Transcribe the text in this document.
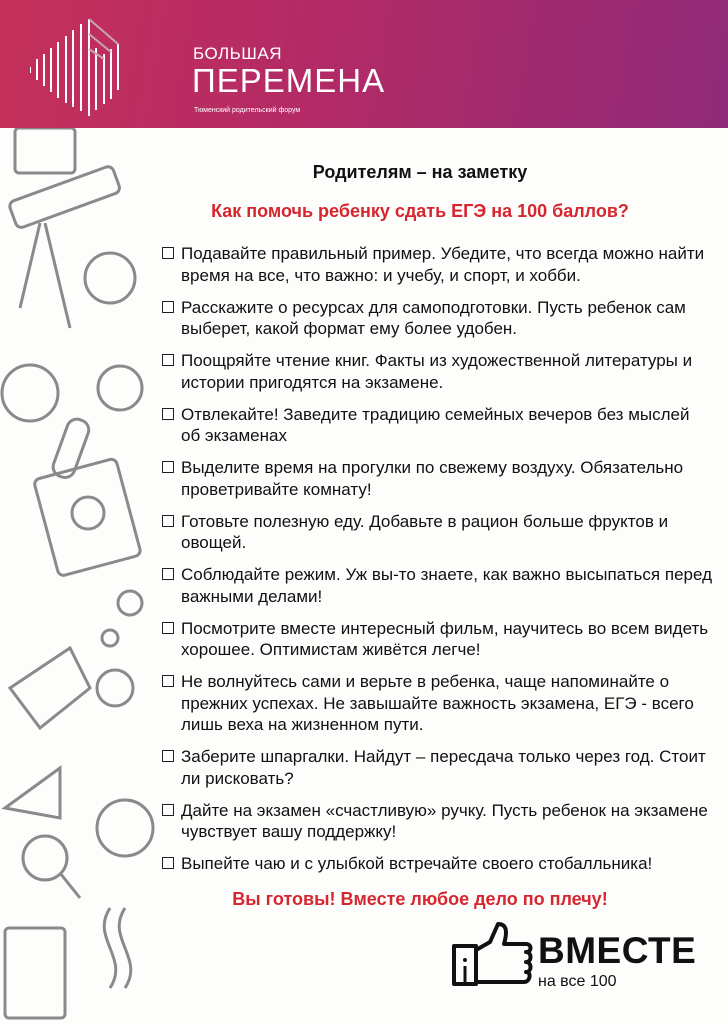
БОЛЬШАЯ
ПЕРЕМЕНА
Тюменский родительский форум
Родителям – на заметку
Как помочь ребенку сдать ЕГЭ на 100 баллов?
Подавайте правильный пример. Убедите, что всегда можно найти время на все, что важно: и учебу, и спорт, и хобби.
Расскажите о ресурсах для самоподготовки. Пусть ребенок сам выберет, какой формат ему более удобен.
Поощряйте чтение книг. Факты из художественной литературы и истории пригодятся на экзамене.
Отвлекайте! Заведите традицию семейных вечеров без мыслей об экзаменах
Выделите время на прогулки по свежему воздуху. Обязательно проветривайте комнату!
Готовьте полезную еду. Добавьте в рацион больше фруктов и овощей.
Соблюдайте режим. Уж вы-то знаете, как важно высыпаться перед важными делами!
Посмотрите вместе интересный фильм, научитесь во всем видеть хорошее. Оптимистам живётся легче!
Не волнуйтесь сами и верьте в ребенка, чаще напоминайте о прежних успехах. Не завышайте важность экзамена, ЕГЭ - всего лишь веха на жизненном пути.
Заберите шпаргалки. Найдут – пересдача только через год. Стоит ли рисковать?
Дайте на экзамен «счастливую» ручку. Пусть ребенок на экзамене чувствует вашу поддержку!
Выпейте чаю и с улыбкой встречайте своего стобалльника!
Вы готовы! Вместе любое дело по плечу!
ВМЕСТЕ
на все 100
